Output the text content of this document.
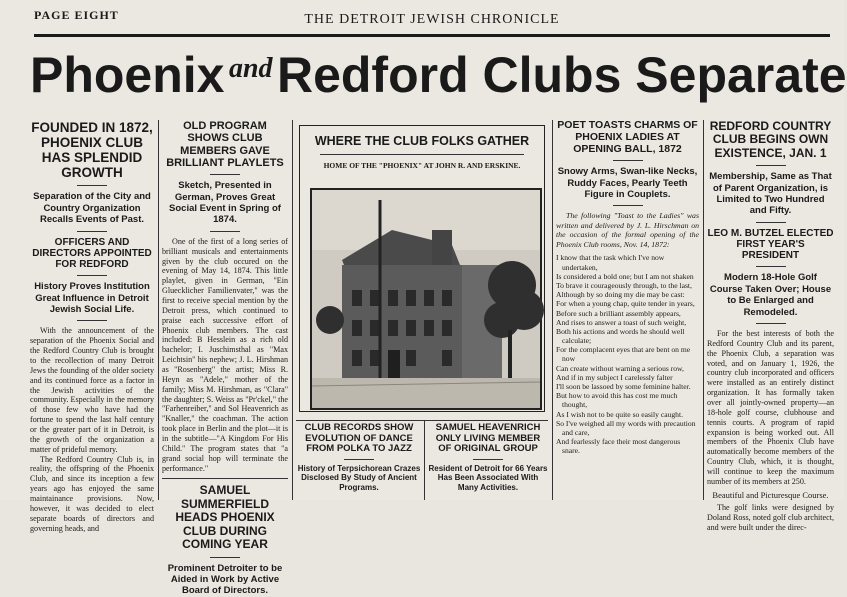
PAGE EIGHT	THE DETROIT JEWISH CHRONICLE
Phoenix and Redford Clubs Separate

FOUNDED IN 1872, PHOENIX CLUB HAS SPLENDID GROWTH

Separation of the City and Country Organization Recalls Events of Past.

OFFICERS AND DIRECTORS APPOINTED FOR REDFORD

History Proves Institution Great Influence in Detroit Jewish Social Life.

With the announcement of the separation of the Phoenix Social and the Redford Country Club is brought to the recollection of many Detroit Jews the founding of the older society and its continued force as a factor in the Jewish activities of the community. Especially in the memory of those few who have had the fortune to spend the last half century or the greater part of it in Detroit, is the growth of the organization a matter of prideful memory.

The Redford Country Club is, in reality, the offspring of the Phoenix Club, and since its inception a few years ago has enjoyed the same maintainance provisions. Now, however, it was decided to elect separate boards of directors and governing heads, and

OLD PROGRAM SHOWS CLUB MEMBERS GAVE BRILLIANT PLAYLETS

Sketch, Presented in German, Proves Great Social Event in Spring of 1874.

One of the first of a long series of brilliant musicals and entertainments given by the club occured on the evening of May 14, 1874. This little playlet, given in German, "Ein Gluecklicher Familienvater," was the first to receive special mention by the Detroit press, which continued to praise each successive effort of Phoenix club members. The cast included: B Hesslein as a rich old bachelor; I. Juschimsthal as "Max Leichtsin" his nephew; J. L. Hirshman as "Rosenberg" the artist; Miss R. Heyn as "Adele," mother of the family; Miss M. Hirshman, as "Clara" the daughter; S. Weiss as "Pr'ckel," the "Farhenreiber," and Sol Heavenrich as "Knaller," the coachman. The action took place in Berlin and the plot—it is in the subtitle—"A Kingdom For His Child." The program states that "a grand social hop will terminate the performance."

SAMUEL SUMMERFIELD HEADS PHOENIX CLUB DURING COMING YEAR

Prominent Detroiter to be Aided in Work by Active Board of Directors.

WHERE THE CLUB FOLKS GATHER

HOME OF THE "PHOENIX" AT JOHN R. AND ERSKINE.

CLUB RECORDS SHOW EVOLUTION OF DANCE FROM POLKA TO JAZZ

History of Terpsichorean Crazes Disclosed By Study of Ancient Programs.

SAMUEL HEAVENRICH ONLY LIVING MEMBER OF ORIGINAL GROUP

Resident of Detroit for 66 Years Has Been Associated With Many Activities.

POET TOASTS CHARMS OF PHOENIX LADIES AT OPENING BALL, 1872

Snowy Arms, Swan-like Necks, Ruddy Faces, Pearly Teeth Figure in Couplets.

The following "Toast to the Ladies" was written and delivered by J. L. Hirschman on the occasion of the formal opening of the Phoenix Club rooms, Nov. 14, 1872:

I know that the task which I've now undertaken,

Is considered a bold one; but I am not shaken

To brave it courageously through, to the last,

Although by so doing my die may be cast:

For when a young chap, quite tender in years,

Before such a brilliant assembly appears,

And rises to answer a toast of such weight,

Both his actions and words he should well calculate;

For the complacent eyes that are bent on me now

Can create without warning a serious row,

And if in my subject I carelessly falter

I'll soon be lassoed by some feminine halter.

But how to avoid this has cost me much thought,

As I wish not to be quite so easily caught.

So I've weighed all my words with precaution and care,

And fearlessly face their most dangerous snare.

REDFORD COUNTRY CLUB BEGINS OWN EXISTENCE, JAN. 1

Membership, Same as That of Parent Organization, is Limited to Two Hundred and Fifty.

LEO M. BUTZEL ELECTED FIRST YEAR'S PRESIDENT

Modern 18-Hole Golf Course Taken Over; House to Be Enlarged and Remodeled.

For the best interests of both the Redford Country Club and its parent, the Phoenix Club, a separation was voted, and on January 1, 1926, the country club incorporated and officers were installed as an entirely distinct organization. It has formally taken over all jointly-owned property—an 18-hole golf course, clubhouse and tennis courts. A program of rapid expansion is being worked out. All members of the Phoenix Club have automatically become members of the Country Club, which, it is thought, will continue to keep the maximum number of its members at 250.

Beautiful and Picturesque Course.

The golf links were designed by Doland Ross, noted golf club architect, and were built under the direc-
